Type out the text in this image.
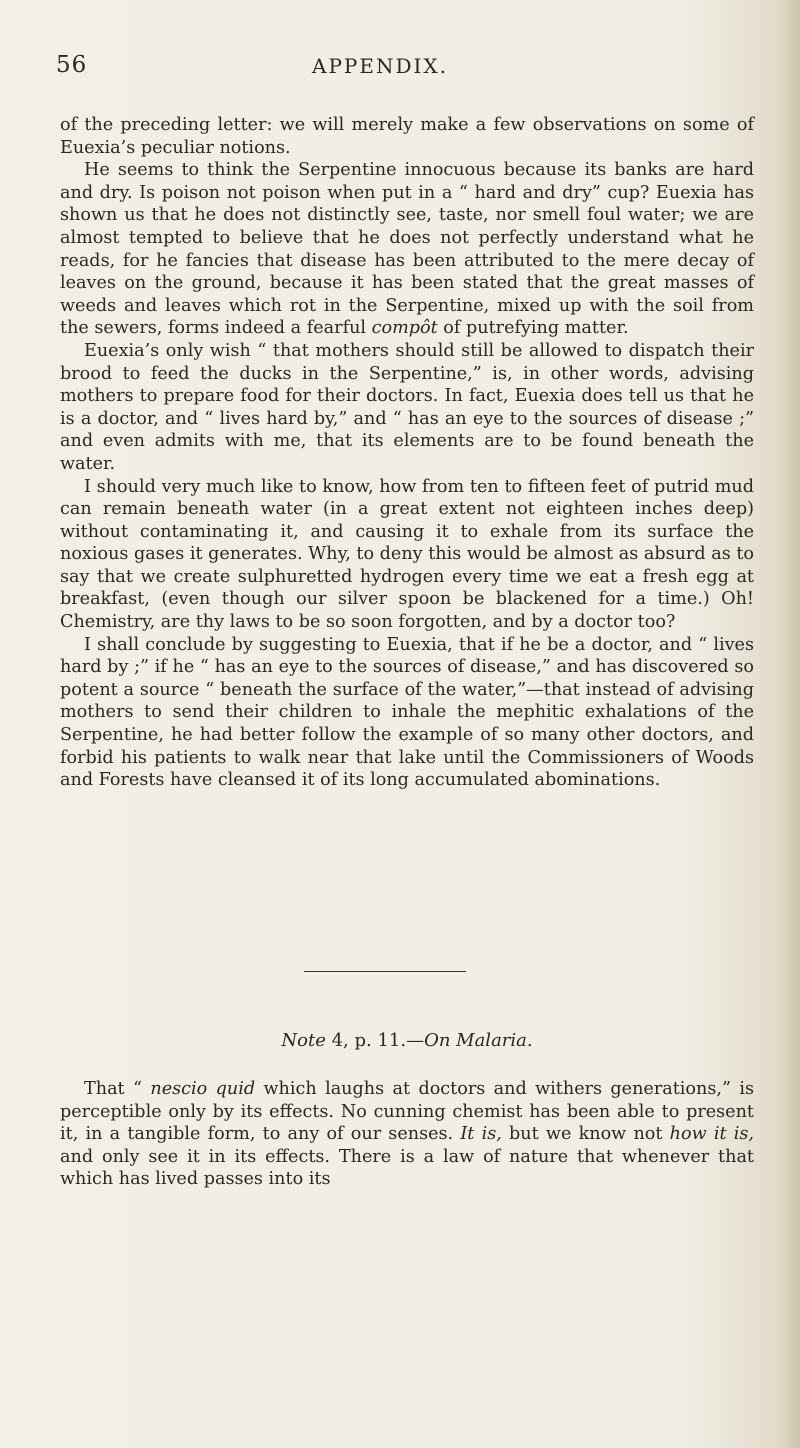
56	APPENDIX.

of the preceding letter: we will merely make a few observations on some of Euexia’s peculiar notions.

He seems to think the Serpentine innocuous because its banks are hard and dry. Is poison not poison when put in a “ hard and dry” cup? Euexia has shown us that he does not distinctly see, taste, nor smell foul water; we are almost tempted to believe that he does not perfectly understand what he reads, for he fancies that disease has been attributed to the mere decay of leaves on the ground, because it has been stated that the great masses of weeds and leaves which rot in the Serpentine, mixed up with the soil from the sewers, forms indeed a fearful compôt of putrefying matter.

Euexia’s only wish “ that mothers should still be allowed to dispatch their brood to feed the ducks in the Serpentine,” is, in other words, advising mothers to prepare food for their doctors. In fact, Euexia does tell us that he is a doctor, and “ lives hard by,” and “ has an eye to the sources of disease ;” and even admits with me, that its elements are to be found beneath the water.

I should very much like to know, how from ten to fifteen feet of putrid mud can remain beneath water (in a great extent not eighteen inches deep) without contaminating it, and causing it to exhale from its surface the noxious gases it generates. Why, to deny this would be almost as absurd as to say that we create sulphuretted hydrogen every time we eat a fresh egg at breakfast, (even though our silver spoon be blackened for a time.) Oh! Chemistry, are thy laws to be so soon forgotten, and by a doctor too?

I shall conclude by suggesting to Euexia, that if he be a doctor, and “ lives hard by ;” if he “ has an eye to the sources of disease,” and has discovered so potent a source “ beneath the surface of the water,”—that instead of advising mothers to send their children to inhale the mephitic exhalations of the Serpentine, he had better follow the example of so many other doctors, and forbid his patients to walk near that lake until the Commissioners of Woods and Forests have cleansed it of its long accumulated abominations.

Note 4, p. 11.—On Malaria.

That “ nescio quid which laughs at doctors and withers generations,” is perceptible only by its effects. No cunning chemist has been able to present it, in a tangible form, to any of our senses. It is, but we know not how it is, and only see it in its effects. There is a law of nature that whenever that which has lived passes into its
